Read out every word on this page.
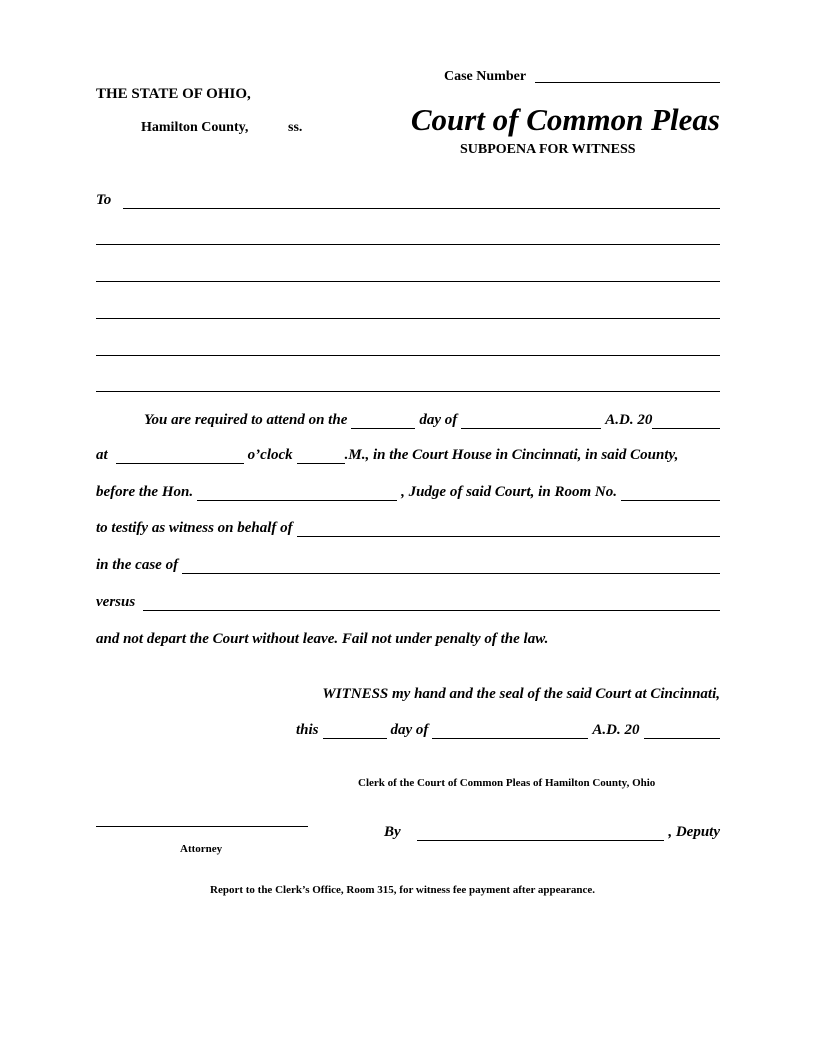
Case Number
THE STATE OF OHIO,
Hamilton County,	ss.	Court of Common Pleas
SUBPOENA FOR WITNESS
To
You are required to attend on the	day of	A.D. 20
at	o’clock	.M., in the Court House in Cincinnati, in said County,
before the Hon.	, Judge of said Court, in Room No.
to testify as witness on behalf of
in the case of
versus
and not depart the Court without leave. Fail not under penalty of the law.
WITNESS my hand and the seal of the said Court at Cincinnati,
this	day of	A.D. 20
Clerk of the Court of Common Pleas of Hamilton County, Ohio
Attorney
By	, Deputy
Report to the Clerk’s Office, Room 315, for witness fee payment after appearance.
